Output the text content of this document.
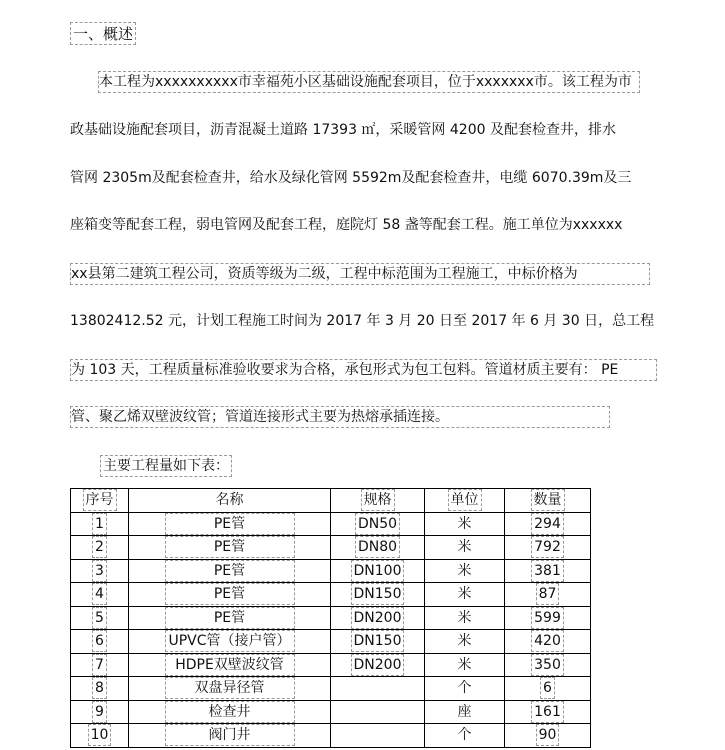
一、概述
本工程为xxxxxxxxxx市幸福苑小区基础设施配套项目，位于xxxxxxx市。该工程为市
政基础设施配套项目，沥青混凝土道路 17393 ㎡，采暖管网 4200 及配套检查井，排水
管网 2305m及配套检查井，给水及绿化管网 5592m及配套检查井，电缆 6070.39m及三
座箱变等配套工程，弱电管网及配套工程，庭院灯 58 盏等配套工程。施工单位为xxxxxx
xx县第二建筑工程公司，资质等级为二级，工程中标范围为工程施工，中标价格为
13802412.52 元，计划工程施工时间为 2017 年 3 月 20 日至 2017 年 6 月 30 日，总工程
为 103 天，工程质量标准验收要求为合格，承包形式为包工包料。管道材质主要有： PE
管、聚乙烯双壁波纹管；管道连接形式主要为热熔承插连接。
主要工程量如下表：
序号	名称	规格	单位	数量
1	PE管	DN50	米	294
2	PE管	DN80	米	792
3	PE管	DN100	米	381
4	PE管	DN150	米	87
5	PE管	DN200	米	599
6	UPVC管（接户管）	DN150	米	420
7	HDPE双壁波纹管	DN200	米	350
8	双盘异径管		个	6
9	检查井		座	161
10	阀门井		个	90
